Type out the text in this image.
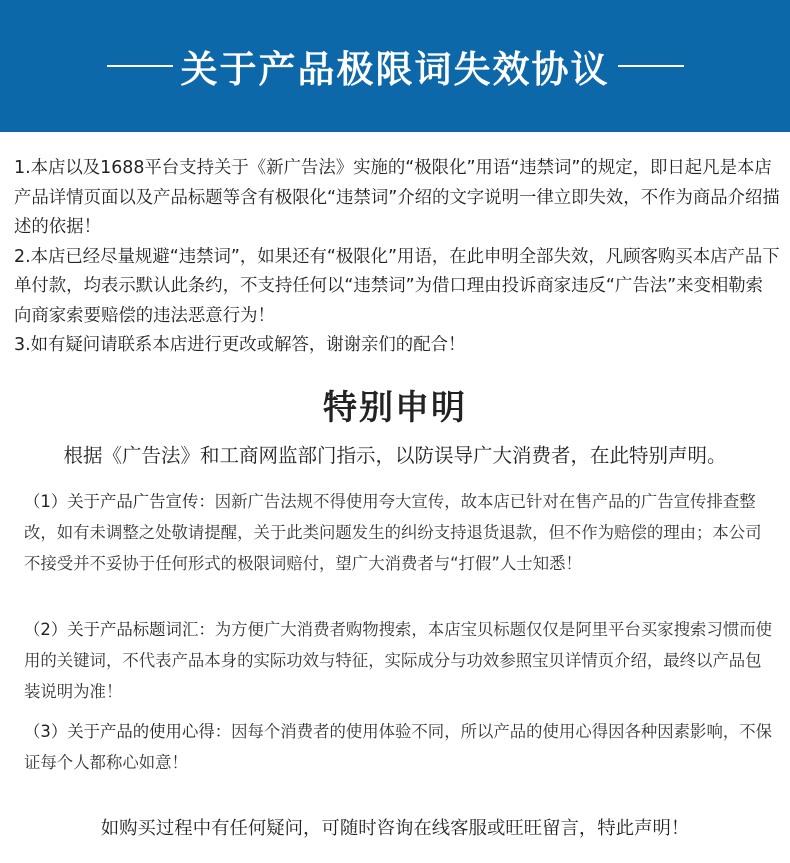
关于产品极限词失效协议

1.本店以及1688平台支持关于《新广告法》实施的“极限化”用语“违禁词”的规定，即日起凡是本店产品详情页面以及产品标题等含有极限化“违禁词”介绍的文字说明一律立即失效，不作为商品介绍描述的依据！

2.本店已经尽量规避“违禁词”，如果还有“极限化”用语，在此申明全部失效，凡顾客购买本店产品下单付款，均表示默认此条约，不支持任何以“违禁词”为借口理由投诉商家违反“广告法”来变相勒索向商家索要赔偿的违法恶意行为！

3.如有疑问请联系本店进行更改或解答，谢谢亲们的配合！

特别申明
根据《广告法》和工商网监部门指示，以防误导广大消费者，在此特别声明。
（1）关于产品广告宣传：因新广告法规不得使用夸大宣传，故本店已针对在售产品的广告宣传排查整改，如有未调整之处敬请提醒，关于此类问题发生的纠纷支持退货退款，但不作为赔偿的理由；本公司不接受并不妥协于任何形式的极限词赔付，望广大消费者与“打假”人士知悉！
（2）关于产品标题词汇：为方便广大消费者购物搜索，本店宝贝标题仅仅是阿里平台买家搜索习惯而使用的关键词，不代表产品本身的实际功效与特征，实际成分与功效参照宝贝详情页介绍，最终以产品包装说明为准！
（3）关于产品的使用心得：因每个消费者的使用体验不同，所以产品的使用心得因各种因素影响，不保证每个人都称心如意！
如购买过程中有任何疑问，可随时咨询在线客服或旺旺留言，特此声明！
